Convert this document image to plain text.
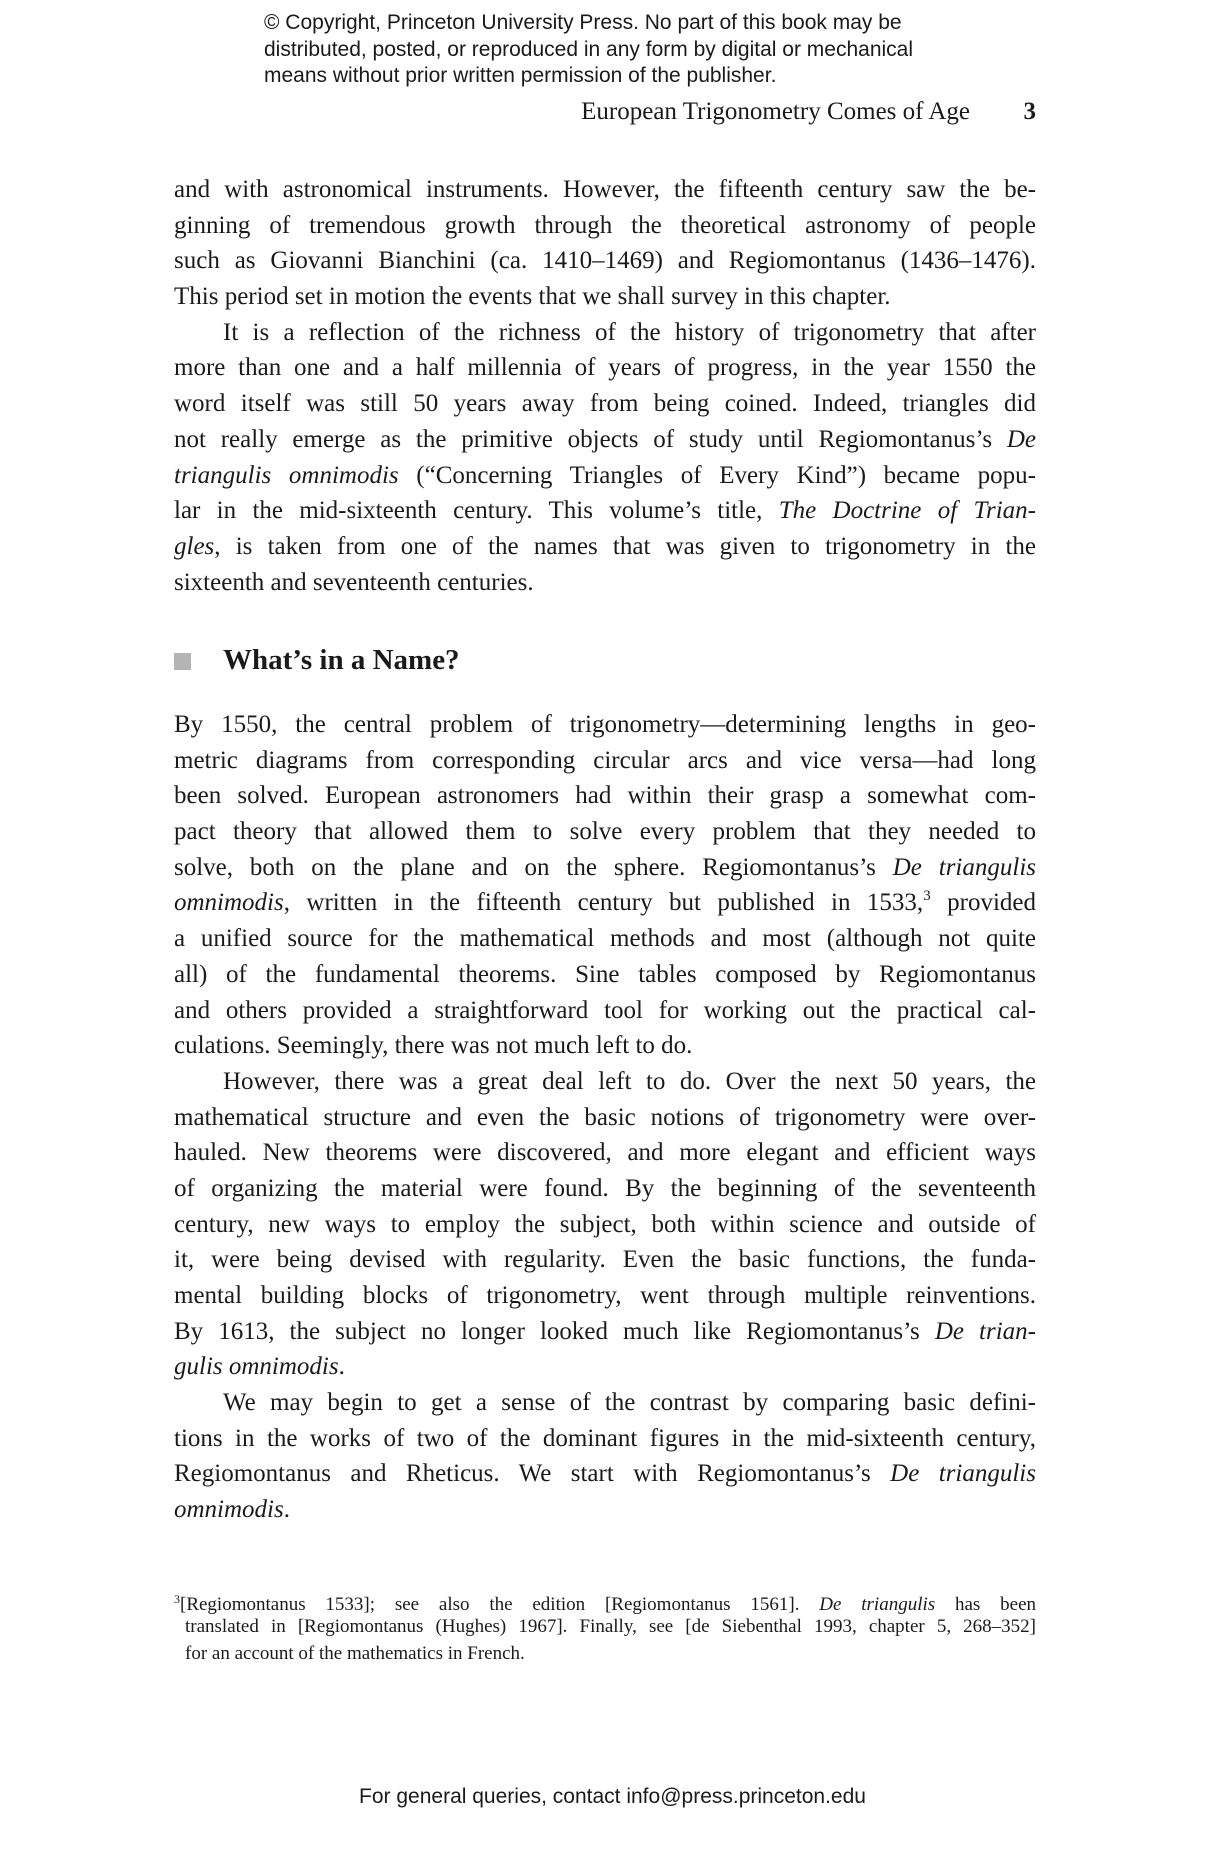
© Copyright, Princeton University Press. No part of this book may be
distributed, posted, or reproduced in any form by digital or mechanical
means without prior written permission of the publisher.
European Trigonometry Comes of Age 3
and with astronomical instruments. However, the fifteenth century saw the be-
ginning of tremendous growth through the theoretical astronomy of people
such as Giovanni Bianchini (ca. 1410–1469) and Regiomontanus (1436–1476).
This period set in motion the events that we shall survey in this chapter.
It is a reflection of the richness of the history of trigonometry that after
more than one and a half millennia of years of progress, in the year 1550 the
word itself was still 50 years away from being coined. Indeed, triangles did
not really emerge as the primitive objects of study until Regiomontanus’s De
triangulis omnimodis (“Concerning Triangles of Every Kind”) became popu-
lar in the mid-sixteenth century. This volume’s title, The Doctrine of Trian-
gles, is taken from one of the names that was given to trigonometry in the
sixteenth and seventeenth centuries.
What’s in a Name?
By 1550, the central problem of trigonometry—determining lengths in geo-
metric diagrams from corresponding circular arcs and vice versa—had long
been solved. European astronomers had within their grasp a somewhat com-
pact theory that allowed them to solve every problem that they needed to
solve, both on the plane and on the sphere. Regiomontanus’s De triangulis
omnimodis, written in the fifteenth century but published in 1533,$^3$ provided
a unified source for the mathematical methods and most (although not quite
all) of the fundamental theorems. Sine tables composed by Regiomontanus
and others provided a straightforward tool for working out the practical cal-
culations. Seemingly, there was not much left to do.
However, there was a great deal left to do. Over the next 50 years, the
mathematical structure and even the basic notions of trigonometry were over-
hauled. New theorems were discovered, and more elegant and efficient ways
of organizing the material were found. By the beginning of the seventeenth
century, new ways to employ the subject, both within science and outside of
it, were being devised with regularity. Even the basic functions, the funda-
mental building blocks of trigonometry, went through multiple reinventions.
By 1613, the subject no longer looked much like Regiomontanus’s De trian-
gulis omnimodis.
We may begin to get a sense of the contrast by comparing basic defini-
tions in the works of two of the dominant figures in the mid-sixteenth century,
Regiomontanus and Rheticus. We start with Regiomontanus’s De triangulis
omnimodis.
$^3$[Regiomontanus 1533]; see also the edition [Regiomontanus 1561]. De triangulis has been
translated in [Regiomontanus (Hughes) 1967]. Finally, see [de Siebenthal 1993, chapter 5, 268–352]
for an account of the mathematics in French.
For general queries, contact info@press.princeton.edu
